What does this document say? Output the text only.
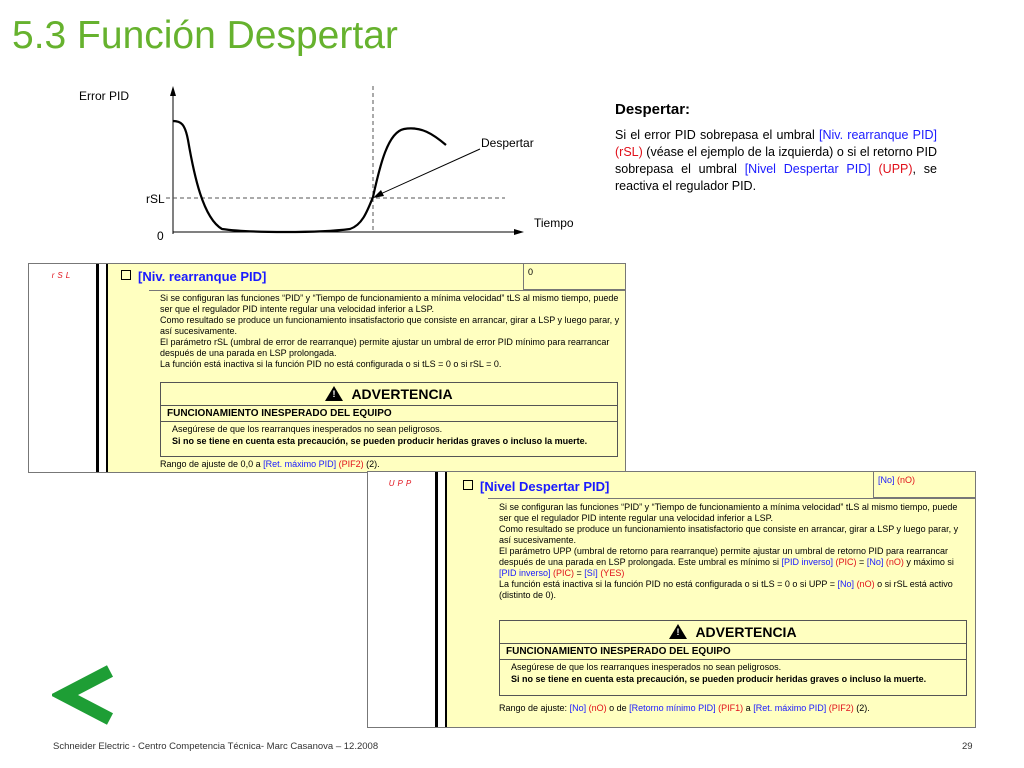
5.3 Función Despertar
Error PID
Tiempo
rSL
0
Despertar
Despertar:
Si el error PID sobrepasa el umbral [Niv. rearranque PID] (rSL) (véase el ejemplo de la izquierda) o si el retorno PID sobrepasa el umbral [Nivel Despertar PID] (UPP), se reactiva el regulador PID.
rSL	[Niv. rearranque PID]	0

Si se configuran las funciones “PID” y “Tiempo de funcionamiento a mínima velocidad” tLS al mismo tiempo, puede ser que el regulador PID intente regular una velocidad inferior a LSP.

Como resultado se produce un funcionamiento insatisfactorio que consiste en arrancar, girar a LSP y luego parar, y así sucesivamente.

El parámetro rSL (umbral de error de rearranque) permite ajustar un umbral de error PID mínimo para rearrancar después de una parada en LSP prolongada.

La función está inactiva si la función PID no está configurada o si tLS = 0 o si rSL = 0.

!ADVERTENCIA
FUNCIONAMIENTO INESPERADO DEL EQUIPO
Asegúrese de que los rearranques inesperados no sean peligrosos.
Si no se tiene en cuenta esta precaución, se pueden producir heridas graves o incluso la muerte.
Rango de ajuste de 0,0 a [Ret. máximo PID] (PIF2) (2).
UPP	[Nivel Despertar PID]	[No] (nO)

Si se configuran las funciones “PID” y “Tiempo de funcionamiento a mínima velocidad” tLS al mismo tiempo, puede ser que el regulador PID intente regular una velocidad inferior a LSP.

Como resultado se produce un funcionamiento insatisfactorio que consiste en arrancar, girar a LSP y luego parar, y así sucesivamente.

El parámetro UPP (umbral de retorno para rearranque) permite ajustar un umbral de retorno PID para rearrancar después de una parada en LSP prolongada. Este umbral es mínimo si [PID inverso] (PIC) = [No] (nO) y máximo si [PID inverso] (PIC) = [Sí] (YES)

La función está inactiva si la función PID no está configurada o si tLS = 0 o si UPP = [No] (nO) o si rSL está activo (distinto de 0).

!ADVERTENCIA
FUNCIONAMIENTO INESPERADO DEL EQUIPO
Asegúrese de que los rearranques inesperados no sean peligrosos.
Si no se tiene en cuenta esta precaución, se pueden producir heridas graves o incluso la muerte.
Rango de ajuste: [No] (nO) o de [Retorno mínimo PID] (PIF1) a [Ret. máximo PID] (PIF2) (2).
Schneider Electric - Centro Competencia Técnica- Marc Casanova – 12.2008	29
